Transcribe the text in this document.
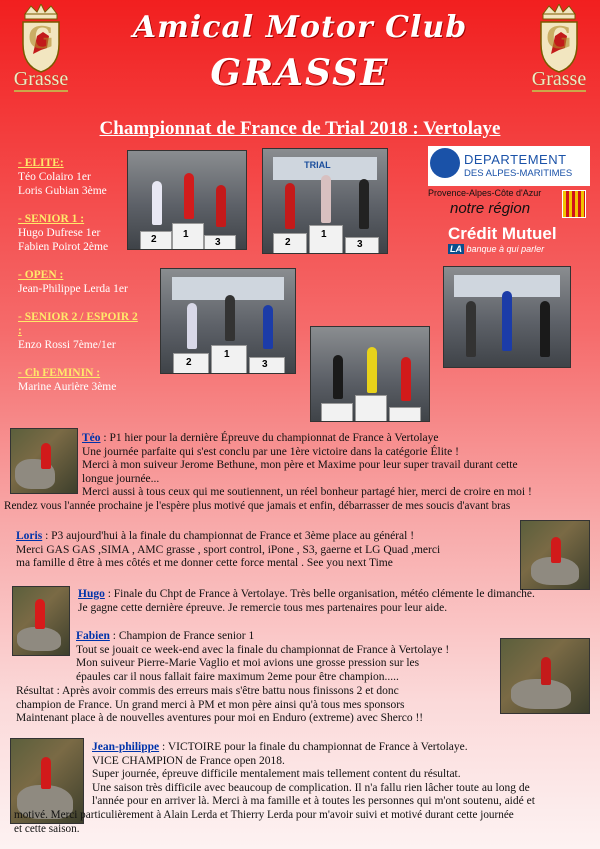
G
Grasse
G
Grasse
Amical Motor Club
GRASSE
Championnat de France de Trial 2018 : Vertolaye
- ELITE:
Téo Colairo 1er
Loris Gubian 3ème
- SENIOR 1 :
Hugo Dufrese 1er
Fabien Poirot 2ème
- OPEN :
Jean-Philippe Lerda 1er
- SENIOR 2 / ESPOIR 2 :
Enzo Rossi 7ème/1er
- Ch FEMININ :
Marine Aurière 3ème
2	1
3
TRIAL
2
1
3
2
1
3
DEPARTEMENT
DES ALPES-MARITIMES
Provence-Alpes-Côte d'Azur
notre région
Crédit Mutuel
LA banque à qui parler

Téo : P1 hier pour la dernière Épreuve du championnat de France à Vertolaye

Une journée parfaite qui s'est conclu par une 1ère victoire dans la catégorie Élite !

Merci à mon suiveur Jerome Bethune, mon père et Maxime pour leur super travail durant cette

longue journée...

Merci aussi à tous ceux qui me soutiennent, un réel bonheur partagé hier, merci de croire en moi !

Rendez vous l'année prochaine je l'espère plus motivé que jamais et enfin, débarrasser de mes soucis d'avant bras

Loris : P3 aujourd'hui à la finale du championnat de France et 3ème place au général !

Merci GAS GAS ,SIMA , AMC grasse , sport control, iPone , S3, gaerne et LG Quad ,merci

ma famille d être à mes côtés et me donner cette force mental . See you next Time

Hugo : Finale du Chpt de France à Vertolaye. Très belle organisation, météo clémente le dimanche.

Je gagne cette dernière épreuve. Je remercie tous mes partenaires pour leur aide.

Fabien : Champion de France senior 1

Tout se jouait ce week-end avec la finale du championnat de France à Vertolaye !

Mon suiveur Pierre-Marie Vaglio et moi avions une grosse pression sur les

épaules car il nous fallait faire maximum 2eme pour être champion.....

Résultat : Après avoir commis des erreurs mais s'être battu nous finissons 2 et donc

champion de France. Un grand merci à PM et mon père ainsi qu'à tous mes sponsors

Maintenant place à de nouvelles aventures pour moi en Enduro (extreme) avec Sherco !!

Jean-philippe : VICTOIRE pour la finale du championnat de France à Vertolaye.

VICE CHAMPION de France open 2018.

Super journée, épreuve difficile mentalement mais tellement content du résultat.

Une saison très difficile avec beaucoup de complication. Il n'a fallu rien lâcher toute au long de

l'année pour en arriver là. Merci à ma famille et à toutes les personnes qui m'ont soutenu, aidé et

motivé. Merci particulièrement à Alain Lerda et Thierry Lerda pour m'avoir suivi et motivé durant cette journée

et cette saison.
